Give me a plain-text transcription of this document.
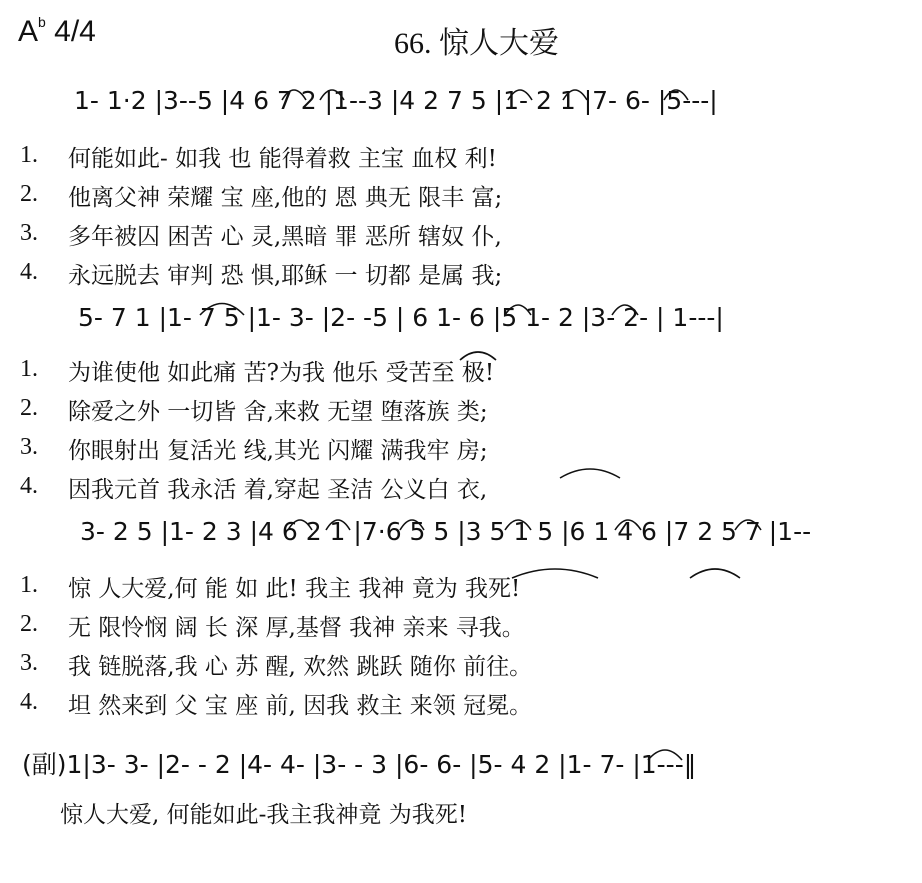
$A^b$ 4/4	66. 惊人大爱
1- 1·2 |3--5 |4 6 7 2 |1--3 |4 2 7 5 |1- 2 1 |7- 6- |5---|
1. 何能如此- 如我 也 能得着救 主宝 血权 利!
2. 他离父神 荣耀 宝 座,他的 恩 典无 限丰 富;
3. 多年被囚 困苦 心 灵,黑暗 罪 恶所 辖奴 仆,
4. 永远脱去 审判 恐 惧,耶稣 一 切都 是属 我;
5- 7 1 |1- 7 5 |1- 3- |2- -5 | 6 1- 6 |5 1- 2 |3- 2- | 1---|
1. 为谁使他 如此痛 苦?为我 他乐 受苦至 极!
2. 除爱之外 一切皆 舍,来救 无望 堕落族 类;
3. 你眼射出 复活光 线,其光 闪耀 满我牢 房;
4. 因我元首 我永活 着,穿起 圣洁 公义白 衣,
3- 2 5 |1- 2 3 |4 6 2 1 |7·6 5 5 |3 5 1 5 |6 1 4 6 |7 2 5 7 |1--
1. 惊 人大爱,何 能 如 此! 我主 我神 竟为 我死!
2. 无 限怜悯 阔 长 深 厚,基督 我神 亲来 寻我。
3. 我 链脱落,我 心 苏 醒, 欢然 跳跃 随你 前往。
4. 坦 然来到 父 宝 座 前, 因我 救主 来领 冠冕。
(副)1|3- 3- |2- - 2 |4- 4- |3- - 3 |6- 6- |5- 4 2 |1- 7- |1---‖
惊人大爱, 何能如此-我主我神竟 为我死!
